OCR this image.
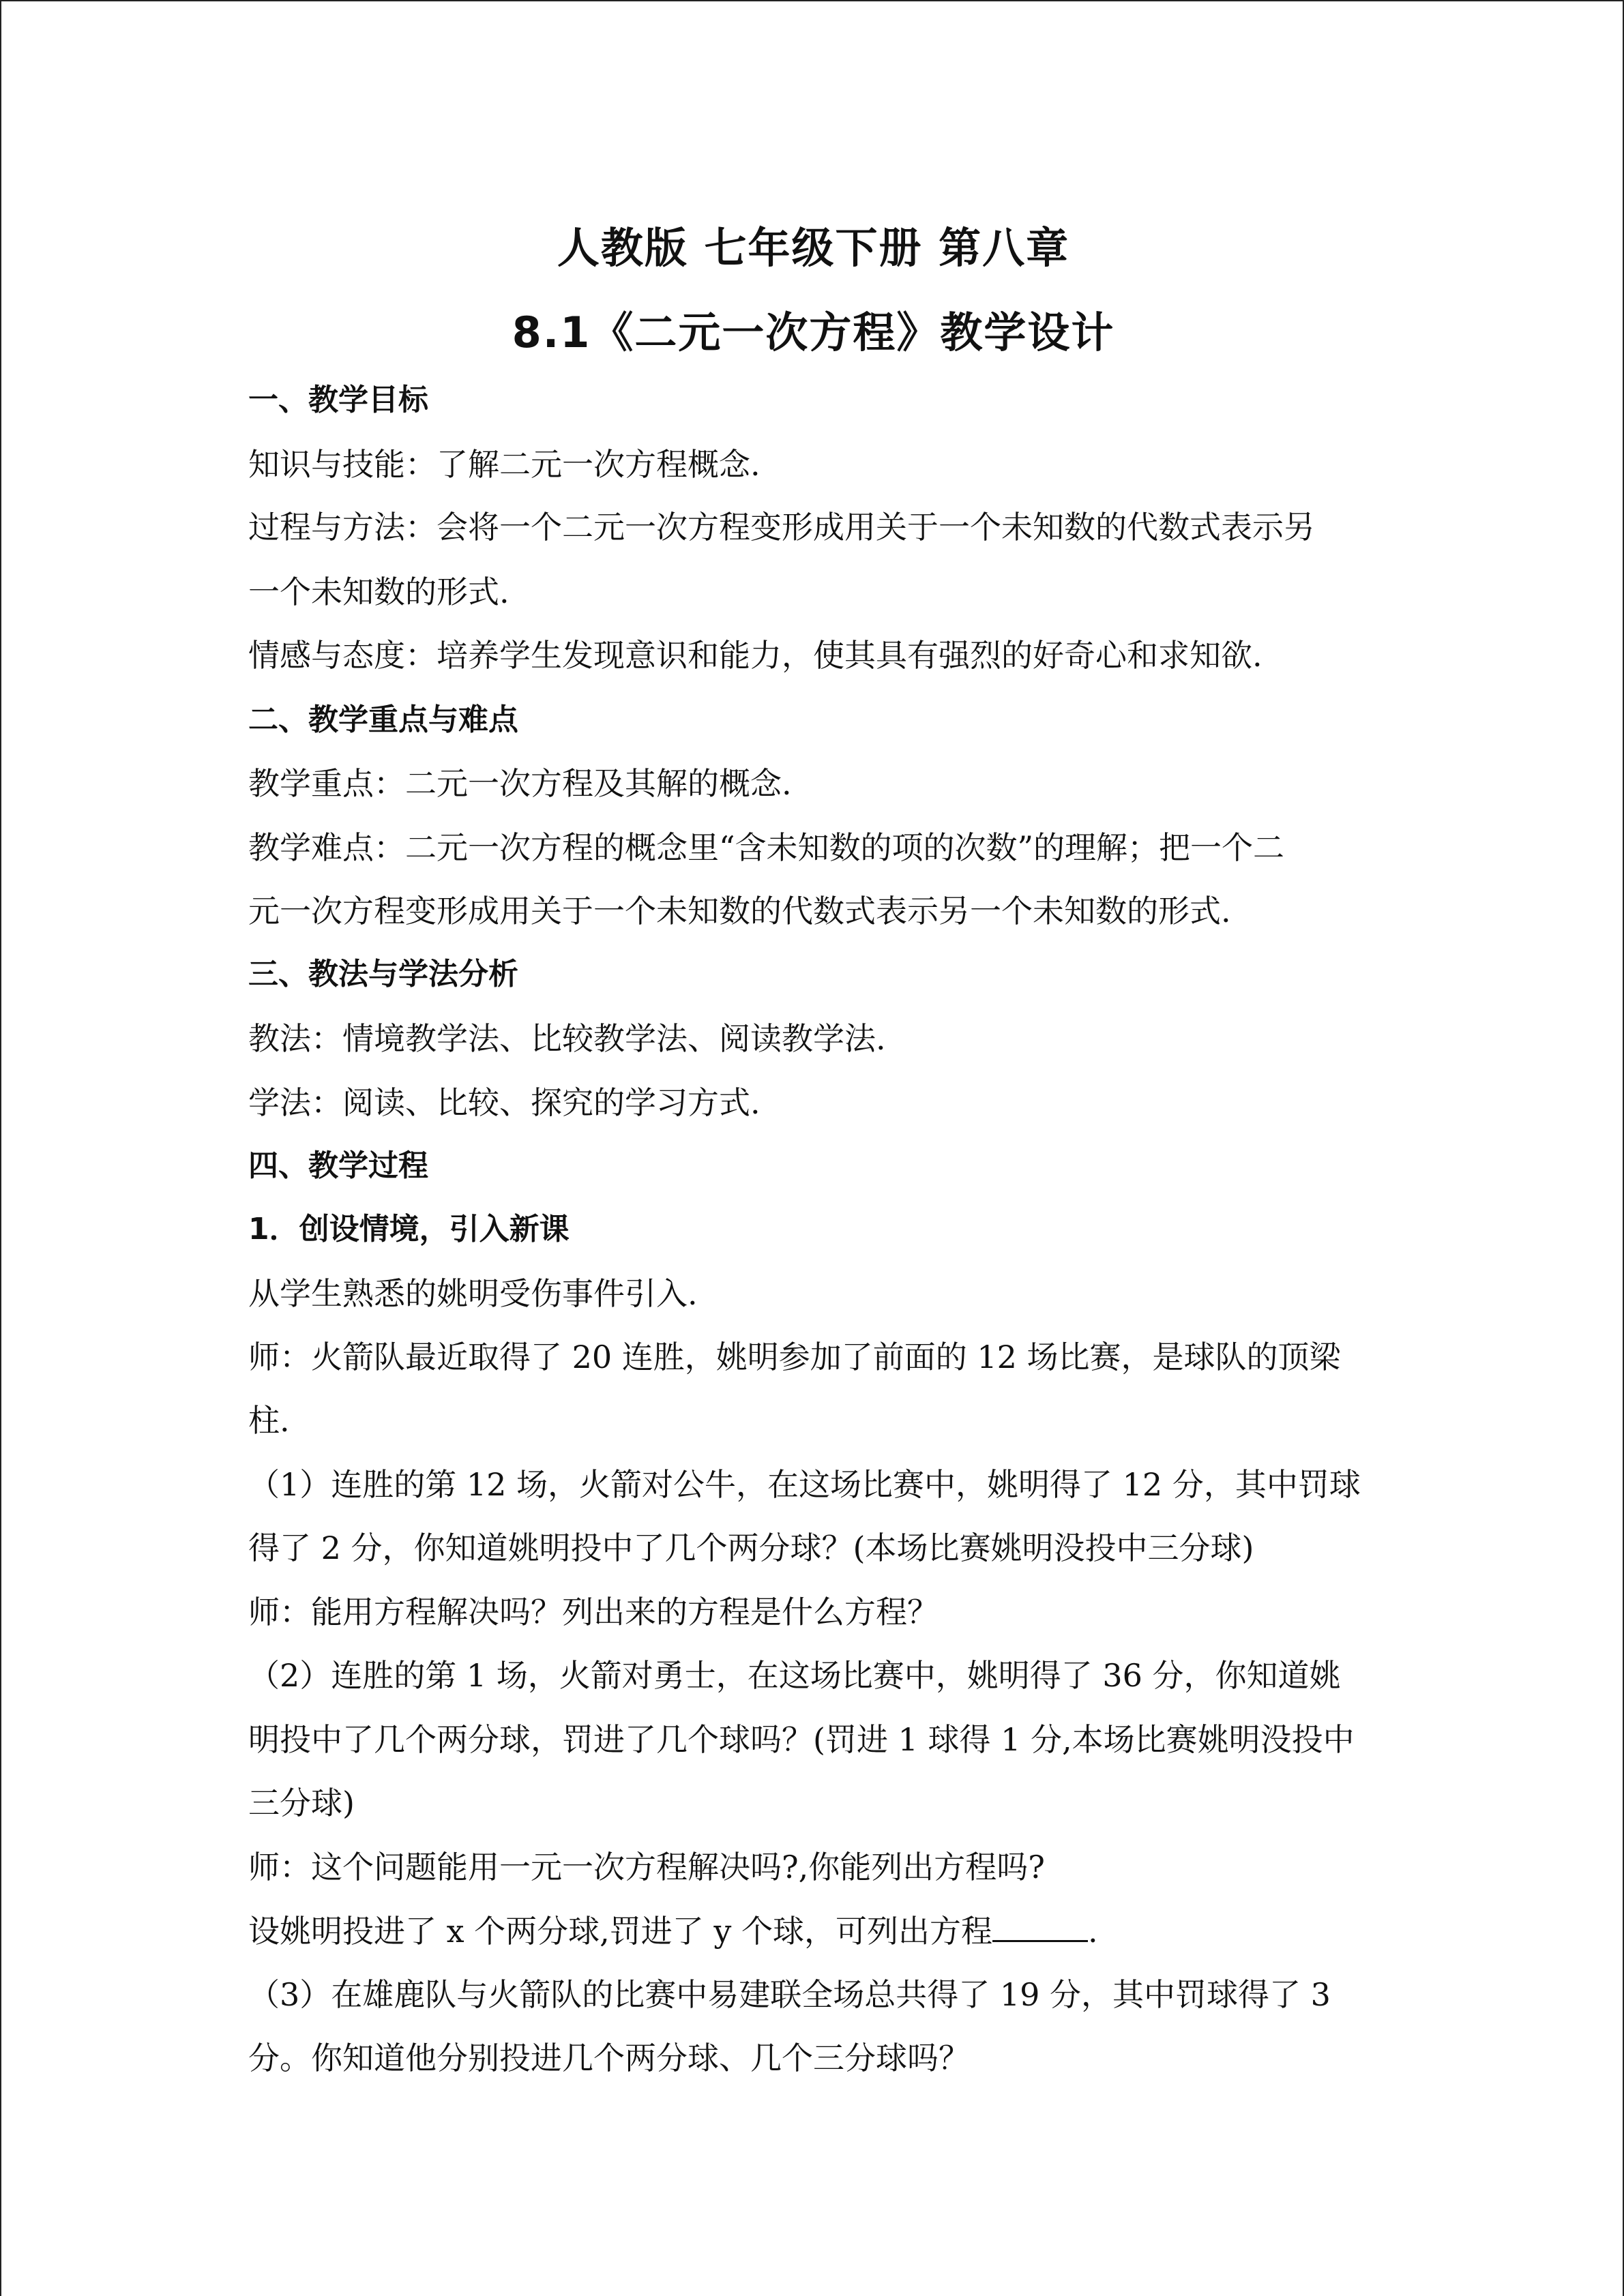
人教版 七年级下册 第八章
8.1《二元一次方程》教学设计
一、教学目标
知识与技能：了解二元一次方程概念.
过程与方法：会将一个二元一次方程变形成用关于一个未知数的代数式表示另
一个未知数的形式.
情感与态度：培养学生发现意识和能力，使其具有强烈的好奇心和求知欲.
二、教学重点与难点
教学重点：二元一次方程及其解的概念.
教学难点：二元一次方程的概念里“含未知数的项的次数”的理解；把一个二
元一次方程变形成用关于一个未知数的代数式表示另一个未知数的形式.
三、教法与学法分析
教法：情境教学法、比较教学法、阅读教学法.
学法：阅读、比较、探究的学习方式.
四、教学过程
1．创设情境，引入新课
从学生熟悉的姚明受伤事件引入.
师：火箭队最近取得了 20 连胜，姚明参加了前面的 12 场比赛，是球队的顶梁
柱.
（1）连胜的第 12 场，火箭对公牛，在这场比赛中，姚明得了 12 分，其中罚球
得了 2 分，你知道姚明投中了几个两分球？(本场比赛姚明没投中三分球)
师：能用方程解决吗？列出来的方程是什么方程？
（2）连胜的第 1 场，火箭对勇士，在这场比赛中，姚明得了 36 分，你知道姚
明投中了几个两分球，罚进了几个球吗？(罚进 1 球得 1 分,本场比赛姚明没投中
三分球)
师：这个问题能用一元一次方程解决吗?,你能列出方程吗?
设姚明投进了 x 个两分球,罚进了 y 个球，可列出方程	.
（3）在雄鹿队与火箭队的比赛中易建联全场总共得了 19 分，其中罚球得了 3
分。你知道他分别投进几个两分球、几个三分球吗？
